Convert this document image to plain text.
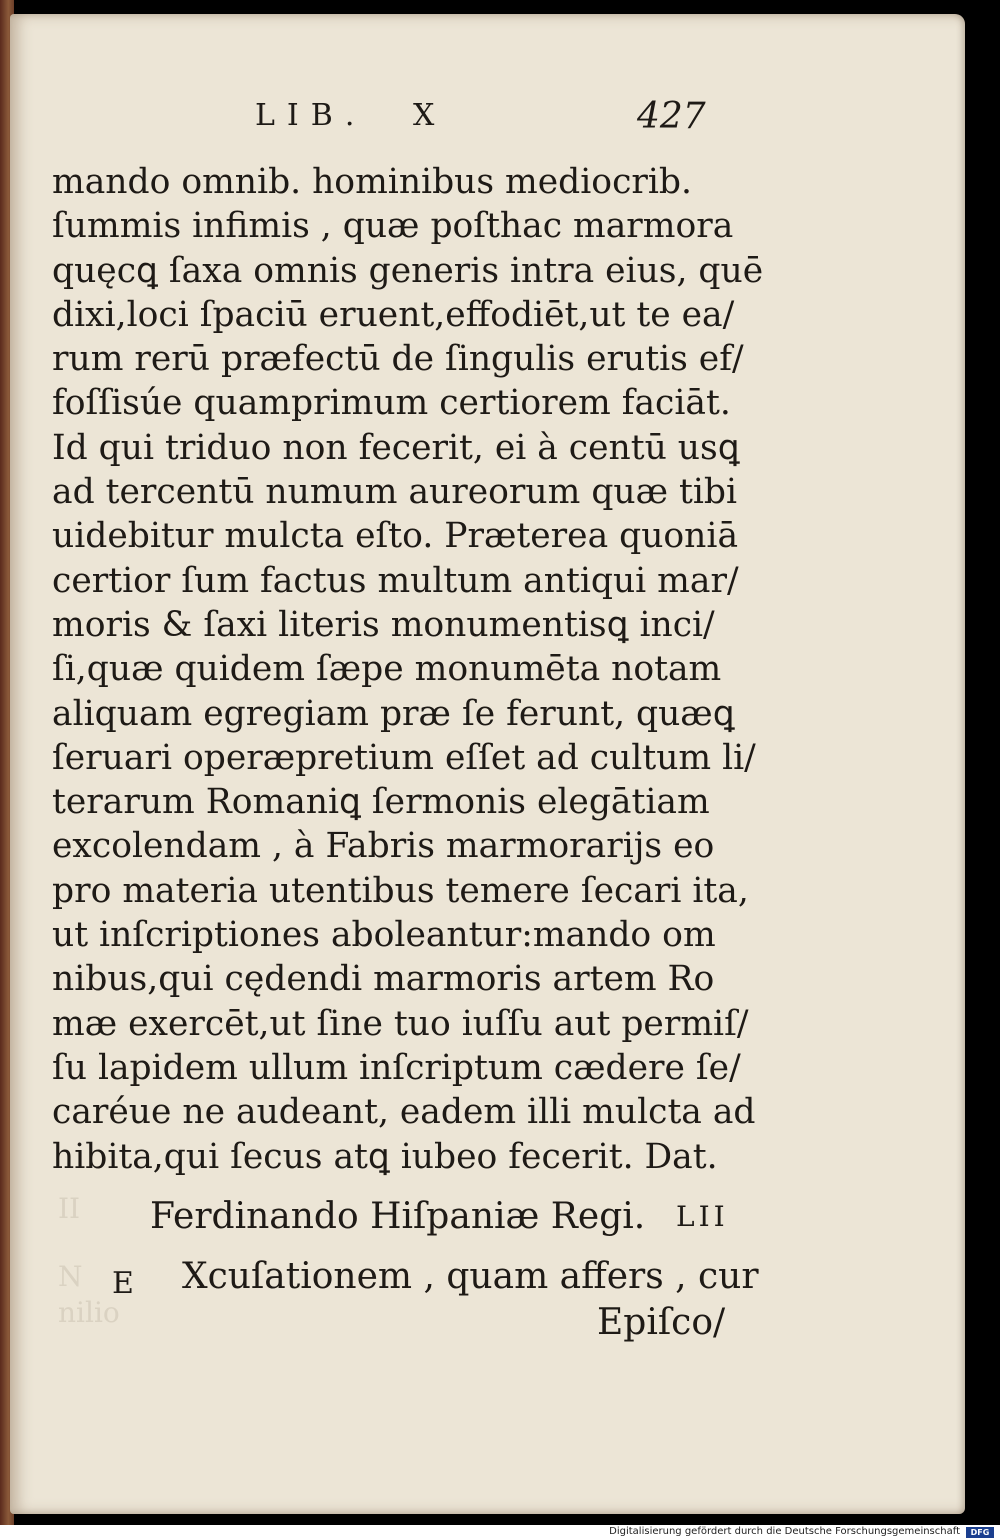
II
N
nilio
LIB. X	427
mando omnib. hominibus mediocrib.
ſummis infimis , quæ poſthac marmora
quęcꝗ ſaxa omnis generis intra eius, quē
dixi,loci ſpaciū eruent,effodiēt,ut te ea/
rum rerū præfectū de ſingulis erutis ef/
foſſisúe quamprimum certiorem faciāt.
Id qui triduo non fecerit, ei à centū usꝗ
ad tercentū numum aureorum quæ tibi
uidebitur mulcta eſto. Præterea quoniā
certior ſum factus multum antiqui mar/
moris & ſaxi literis monumentisꝗ inci/
ſi,quæ quidem ſæpe monumēta notam
aliquam egregiam præ ſe ferunt, quæꝗ
ſeruari operæpretium eſſet ad cultum li/
terarum Romaniꝗ ſermonis elegātiam
excolendam , à Fabris marmorarijs eo
pro materia utentibus temere ſecari ita,
ut inſcriptiones aboleantur:mando om
nibus,qui cędendi marmoris artem Ro
mæ exercēt,ut ſine tuo iuſſu aut permiſ/
ſu lapidem ullum inſcriptum cædere ſe/
caréue ne audeant, eadem illi mulcta ad
hibita,qui ſecus atꝗ iubeo fecerit. Dat.
Ferdinando Hiſpaniæ Regi.	LII
E Xcuſationem , quam affers , cur
Epiſco/
Digitalisierung gefördert durch die Deutsche Forschungsgemeinschaft	DFG
